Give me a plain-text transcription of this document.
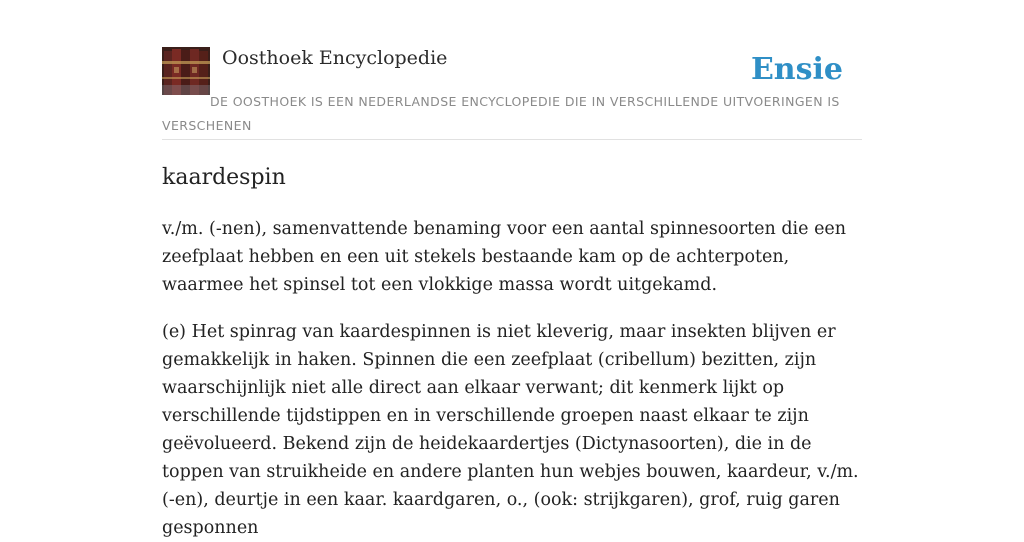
Oosthoek Encyclopedie	Ensie
DE OOSTHOEK IS EEN NEDERLANDSE ENCYCLOPEDIE DIE IN VERSCHILLENDE UITVOERINGEN IS VERSCHENEN
kaardespin

v./m. (-nen), samenvattende benaming voor een aantal spinnesoorten die een zeefplaat hebben en een uit stekels bestaande kam op de achterpoten, waarmee het spinsel tot een vlokkige massa wordt uitgekamd.

(e) Het spinrag van kaardespinnen is niet kleverig, maar insekten blijven er gemakkelijk in haken. Spinnen die een zeefplaat (cribellum) bezitten, zijn waarschijnlijk niet alle direct aan elkaar verwant; dit kenmerk lijkt op verschillende tijdstippen en in verschillende groepen naast elkaar te zijn geëvolueerd. Bekend zijn de heidekaardertjes (Dictynasoorten), die in de toppen van struikheide en andere planten hun webjes bouwen, kaardeur, v./m. (-en), deurtje in een kaar. kaardgaren, o., (ook: strijkgaren), grof, ruig garen gesponnen
